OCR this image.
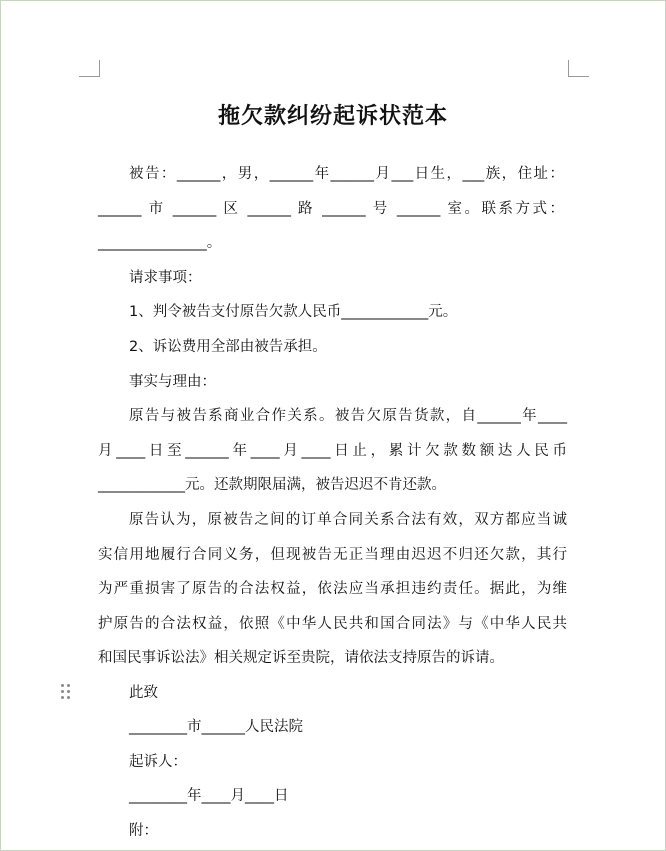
拖欠款纠纷起诉状范本
被告：______，男，______年______月___日生，___族，住址：
______ 市 ______ 区 ______ 路 ______ 号 ______ 室。联系方式：
_______________。
请求事项：
1、判令被告支付原告欠款人民币____________元。
2、诉讼费用全部由被告承担。
事实与理由：
原告与被告系商业合作关系。被告欠原告货款，自______年____
月____日至______年____月____日止，累计欠款数额达人民币
____________元。还款期限届满，被告迟迟不肯还款。
原告认为，原被告之间的订单合同关系合法有效，双方都应当诚
实信用地履行合同义务，但现被告无正当理由迟迟不归还欠款，其行
为严重损害了原告的合法权益，依法应当承担违约责任。据此，为维
护原告的合法权益，依照《中华人民共和国合同法》与《中华人民共
和国民事诉讼法》相关规定诉至贵院，请依法支持原告的诉请。
此致
________市______人民法院
起诉人：
________年____月____日
附：
